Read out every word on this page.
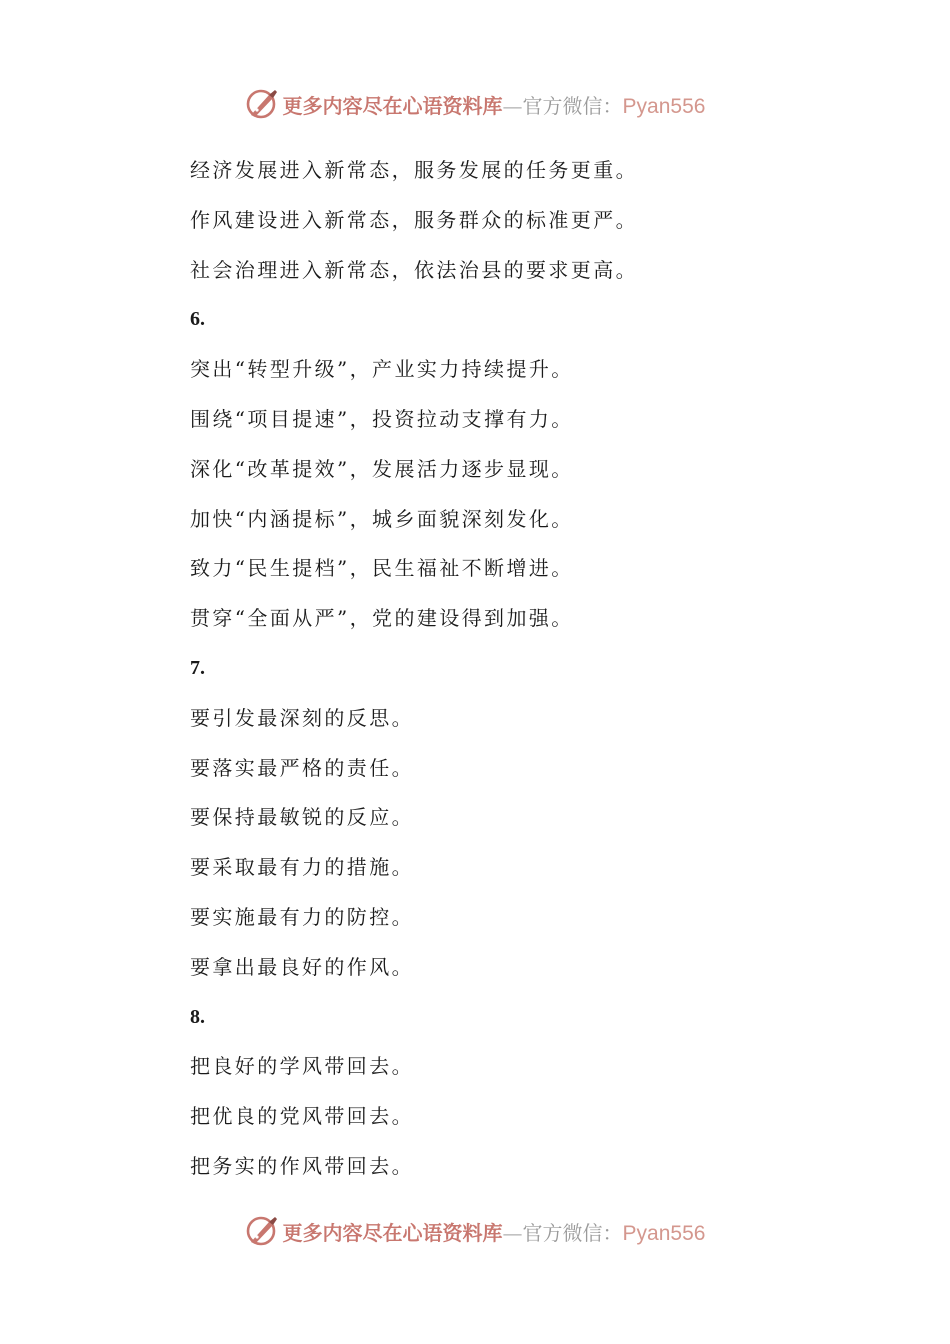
更多内容尽在心语资料库 — 官方微信： Pyan556
经济发展进入新常态，服务发展的任务更重。
作风建设进入新常态，服务群众的标准更严。
社会治理进入新常态，依法治县的要求更高。
6.
突出“转型升级”，产业实力持续提升。
围绕“项目提速”，投资拉动支撑有力。
深化“改革提效”，发展活力逐步显现。
加快“内涵提标”，城乡面貌深刻发化。
致力“民生提档”，民生福祉不断增进。
贯穿“全面从严”，党的建设得到加强。
7.
要引发最深刻的反思。
要落实最严格的责任。
要保持最敏锐的反应。
要采取最有力的措施。
要实施最有力的防控。
要拿出最良好的作风。
8.
把良好的学风带回去。
把优良的党风带回去。
把务实的作风带回去。
更多内容尽在心语资料库 — 官方微信： Pyan556
